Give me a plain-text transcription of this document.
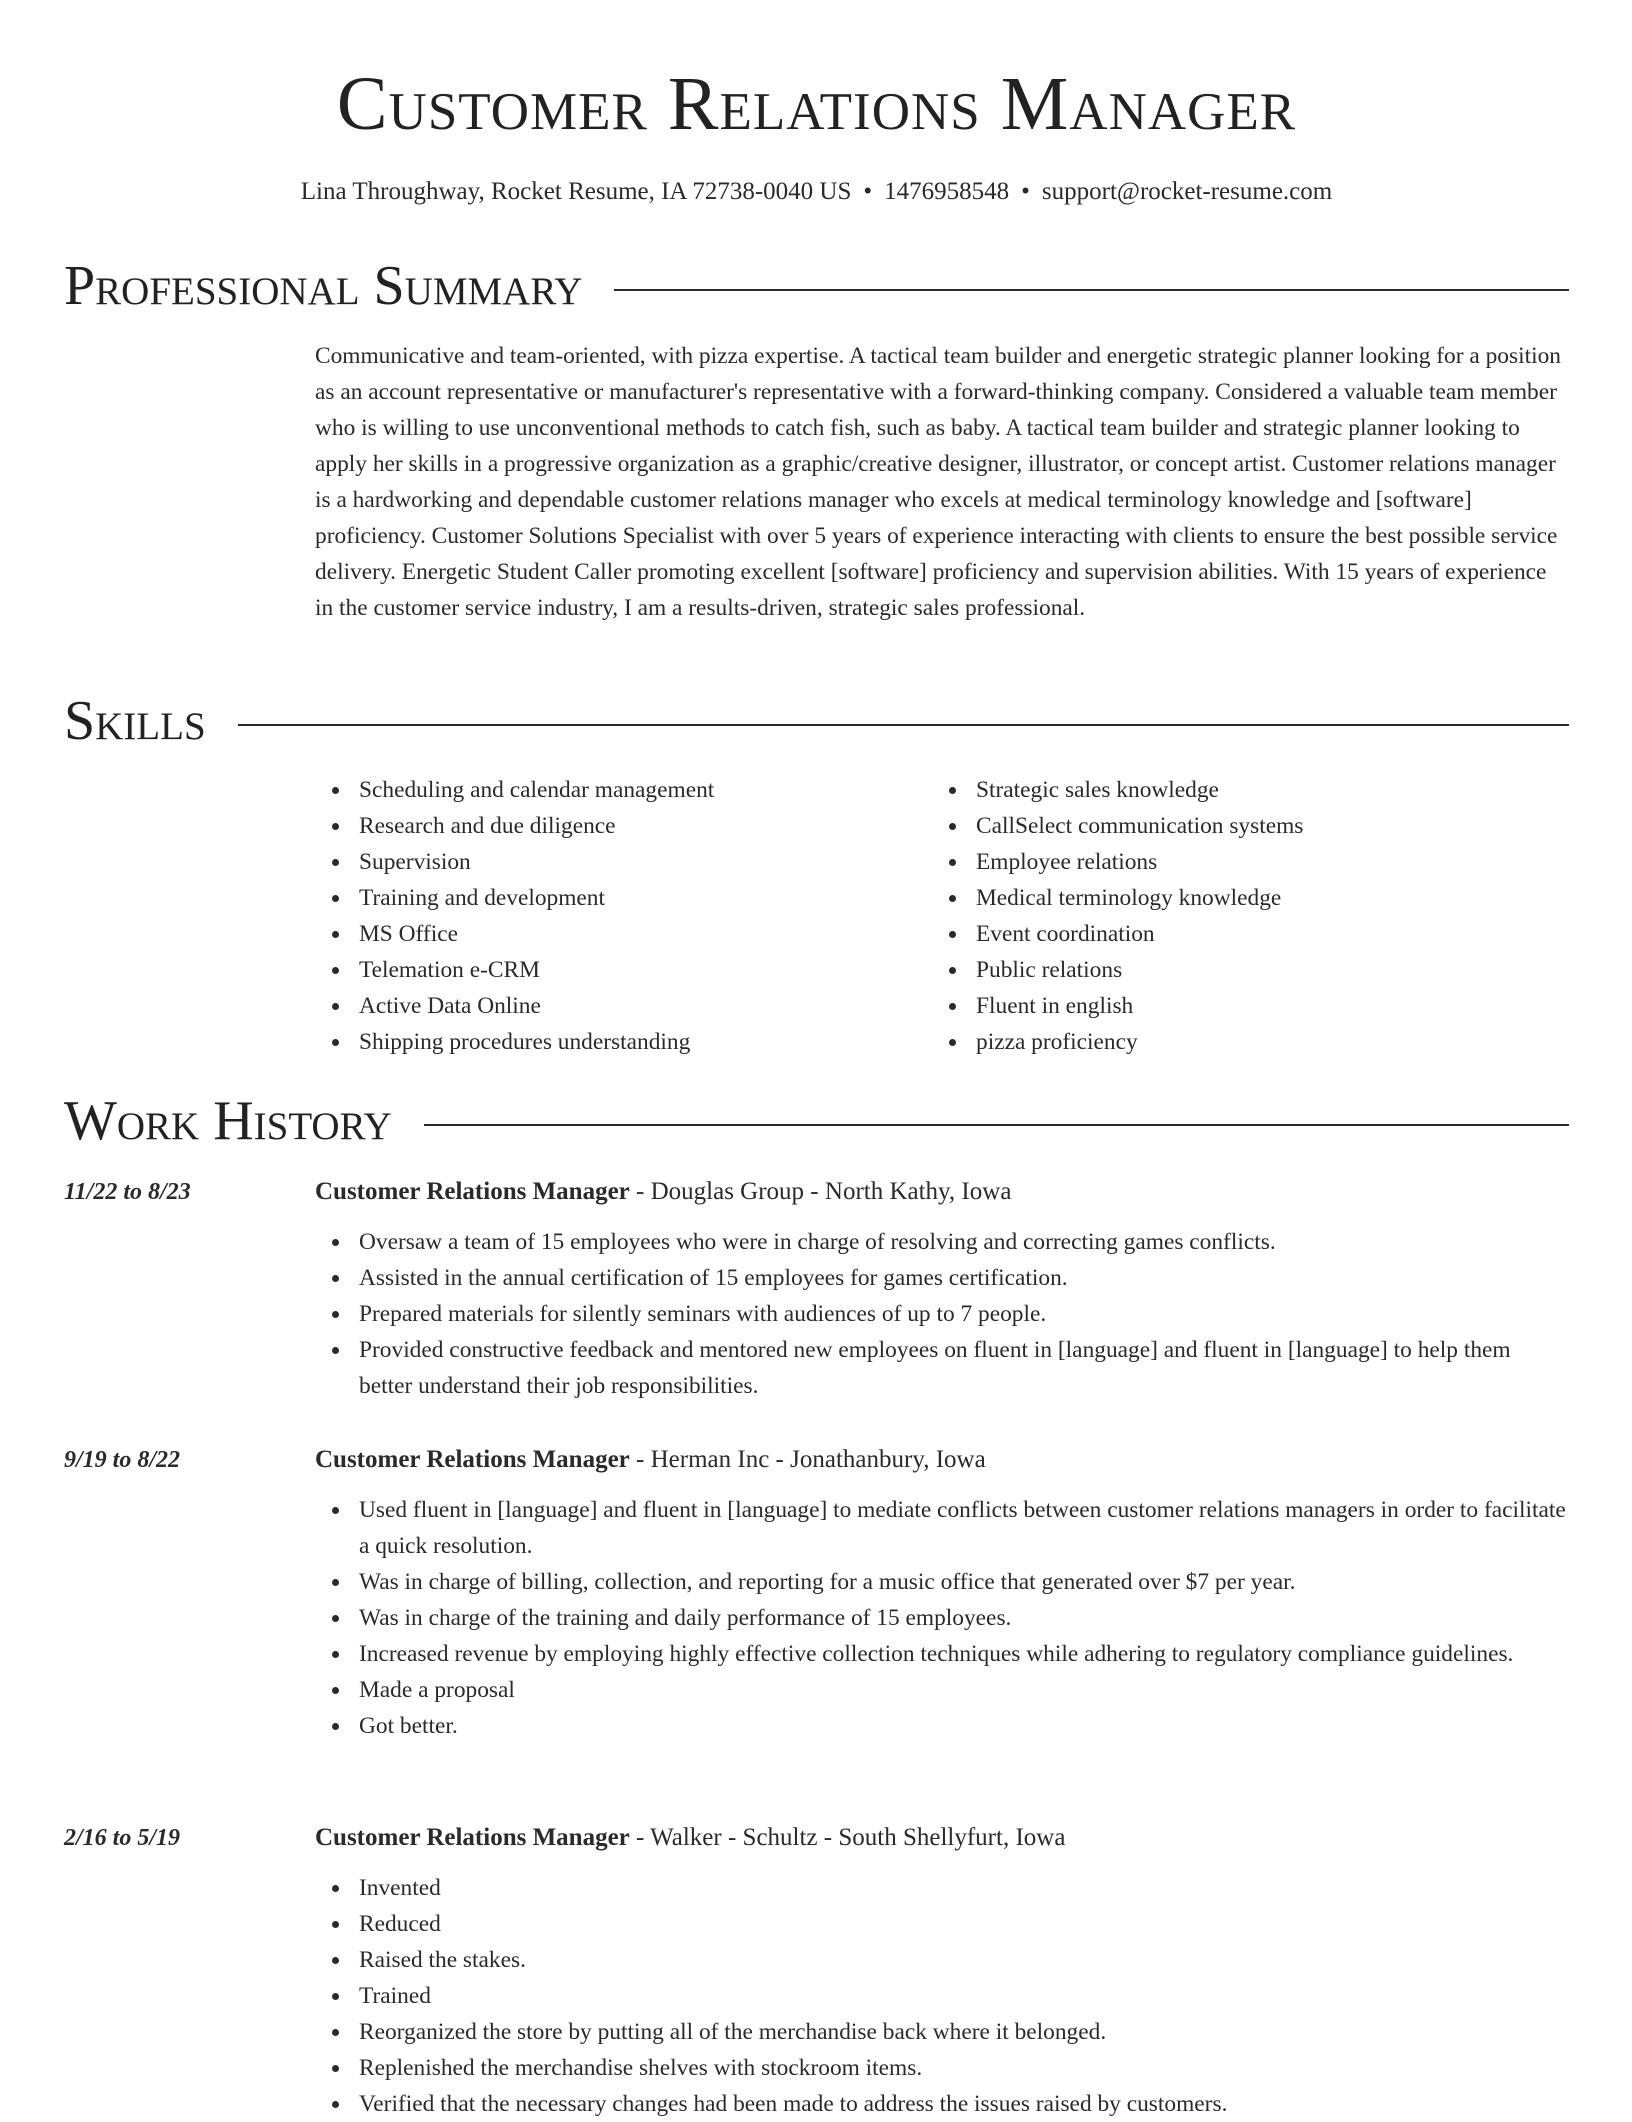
Customer Relations Manager
Lina Throughway, Rocket Resume, IA 72738-0040 US • 1476958548 • support@rocket-resume.com
Professional Summary

Communicative and team-oriented, with pizza expertise. A tactical team builder and energetic strategic planner looking for a position as an account representative or manufacturer's representative with a forward-thinking company. Considered a valuable team member who is willing to use unconventional methods to catch fish, such as baby. A tactical team builder and strategic planner looking to apply her skills in a progressive organization as a graphic/creative designer, illustrator, or concept artist. Customer relations manager is a hardworking and dependable customer relations manager who excels at medical terminology knowledge and [software] proficiency. Customer Solutions Specialist with over 5 years of experience interacting with clients to ensure the best possible service delivery. Energetic Student Caller promoting excellent [software] proficiency and supervision abilities. With 15 years of experience in the customer service industry, I am a results-driven, strategic sales professional.

Skills
Scheduling and calendar management
Research and due diligence
Supervision
Training and development
MS Office
Telemation e-CRM
Active Data Online
Shipping procedures understanding
Strategic sales knowledge
CallSelect communication systems
Employee relations
Medical terminology knowledge
Event coordination
Public relations
Fluent in english
pizza proficiency
Work History
11/22 to 8/23	Customer Relations Manager - Douglas Group - North Kathy, Iowa
Oversaw a team of 15 employees who were in charge of resolving and correcting games conflicts.
Assisted in the annual certification of 15 employees for games certification.
Prepared materials for silently seminars with audiences of up to 7 people.
Provided constructive feedback and mentored new employees on fluent in [language] and fluent in [language] to help them better understand their job responsibilities.
9/19 to 8/22	Customer Relations Manager - Herman Inc - Jonathanbury, Iowa
Used fluent in [language] and fluent in [language] to mediate conflicts between customer relations managers in order to facilitate a quick resolution.
Was in charge of billing, collection, and reporting for a music office that generated over $7 per year.
Was in charge of the training and daily performance of 15 employees.
Increased revenue by employing highly effective collection techniques while adhering to regulatory compliance guidelines.
Made a proposal
Got better.
2/16 to 5/19	Customer Relations Manager - Walker - Schultz - South Shellyfurt, Iowa
Invented
Reduced
Raised the stakes.
Trained
Reorganized the store by putting all of the merchandise back where it belonged.
Replenished the merchandise shelves with stockroom items.
Verified that the necessary changes had been made to address the issues raised by customers.
